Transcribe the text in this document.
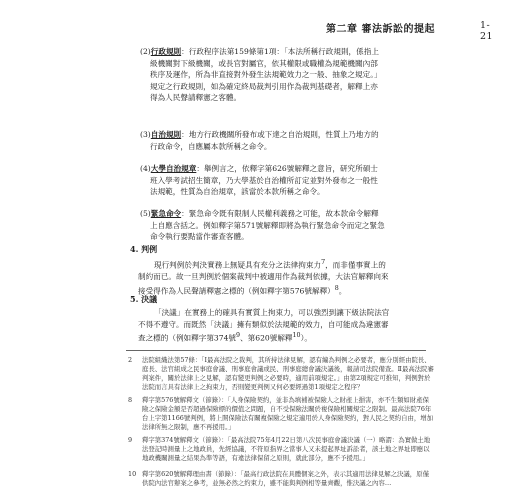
第二章 審法訴訟的提起	1-21
(2)行政規則：行政程序法第159條第1項：「本法所稱行政規則，係指上級機關對下級機關，或長官對屬官，依其權限或職權為規範機關內部秩序及運作，所為非直接對外發生法規範效力之一般、抽象之規定。」規定之行政規則，如為確定終局裁判引用作為裁判基礎者，解釋上亦得為人民聲請釋憲之客體。
(3)自治規則：地方行政機關所發布或下達之自治規則，性質上乃地方的行政命令，自應屬本款所稱之命令。
(4)大學自治規章：舉例言之，依釋字第626號解釋之意旨，研究所碩士班入學考試招生簡章，乃大學基於自治權所訂定並對外發布之一般性法規範，性質為自治規章，該當於本款所稱之命令。
(5)緊急命令：緊急命令既有限制人民權利義務之可能，故本款命令解釋上自應含括之。例如釋字第571號解釋即將為執行緊急命令而定之緊急命令執行要點當作審查客體。
4. 判例
現行判例於判決實務上無疑具有充分之法律拘束力$^7$，而非僅事實上的制約而已。故一旦判例於個案裁判中被適用作為裁判依據，大法官解釋向來接受得作為人民聲請釋憲之標的（例如釋字第576號解釋）$^8$。
2 法院組織法第57條：「Ⅰ最高法院之裁判，其所持法律見解，認有編為判例之必要者，應分別經由院長、庭長、法官組成之民事庭會議、刑事庭會議或民、刑事庭總會議決議後，報請司法院備查。Ⅱ最高法院審判案件，關於法律上之見解，認有變更判例之必要時，適用前項規定。」由第2項規定可推知，判例對於法院而言具有法律上之拘束力，否則變更判例又何必要經過第1項規定之程序？
8 釋字第576號解釋文（節錄）：「人身保險契約，並非為填補被保險人之財產上損害，亦不生類如財產保險之保險金額是否超過保險標的價值之問題，自不受保險法關於複保險相關規定之限制。最高法院76年台上字第1166號判例，將上開保險法有關複保險之規定適用於人身保險契約，對人民之契約自由，增加法律所無之限制，應不再援用。」
9 釋字第374號解釋文（節錄）：「最高法院75年4月22日第八次民事庭會議決議（一）略謂：為實做土地法登記時測量上之地政員，先經協議，不符原指界之當事人又未提起界址訴訟者，該土地之界址即應以地政機關測量之結果為準等語，有違法律保留之原則，就此部分，應不予援用。」
10 釋字第620號解釋理由書（節錄）：「最高行政法院在具體個案之外，表示其適用法律見解之決議，原僅供院內法官辦案之參考，並無必然之約束力，雖不能與判例相等量齊觀，惟決議之內容…
5. 決議
「決議」在實務上的確具有實質上拘束力，可以強烈到讓下級法院法官不得不遵守。而既然「決議」擁有類似於法規範的效力，自可能成為違憲審查之標的（例如釋字第374號$^9$、第620號解釋$^{10}$）。
